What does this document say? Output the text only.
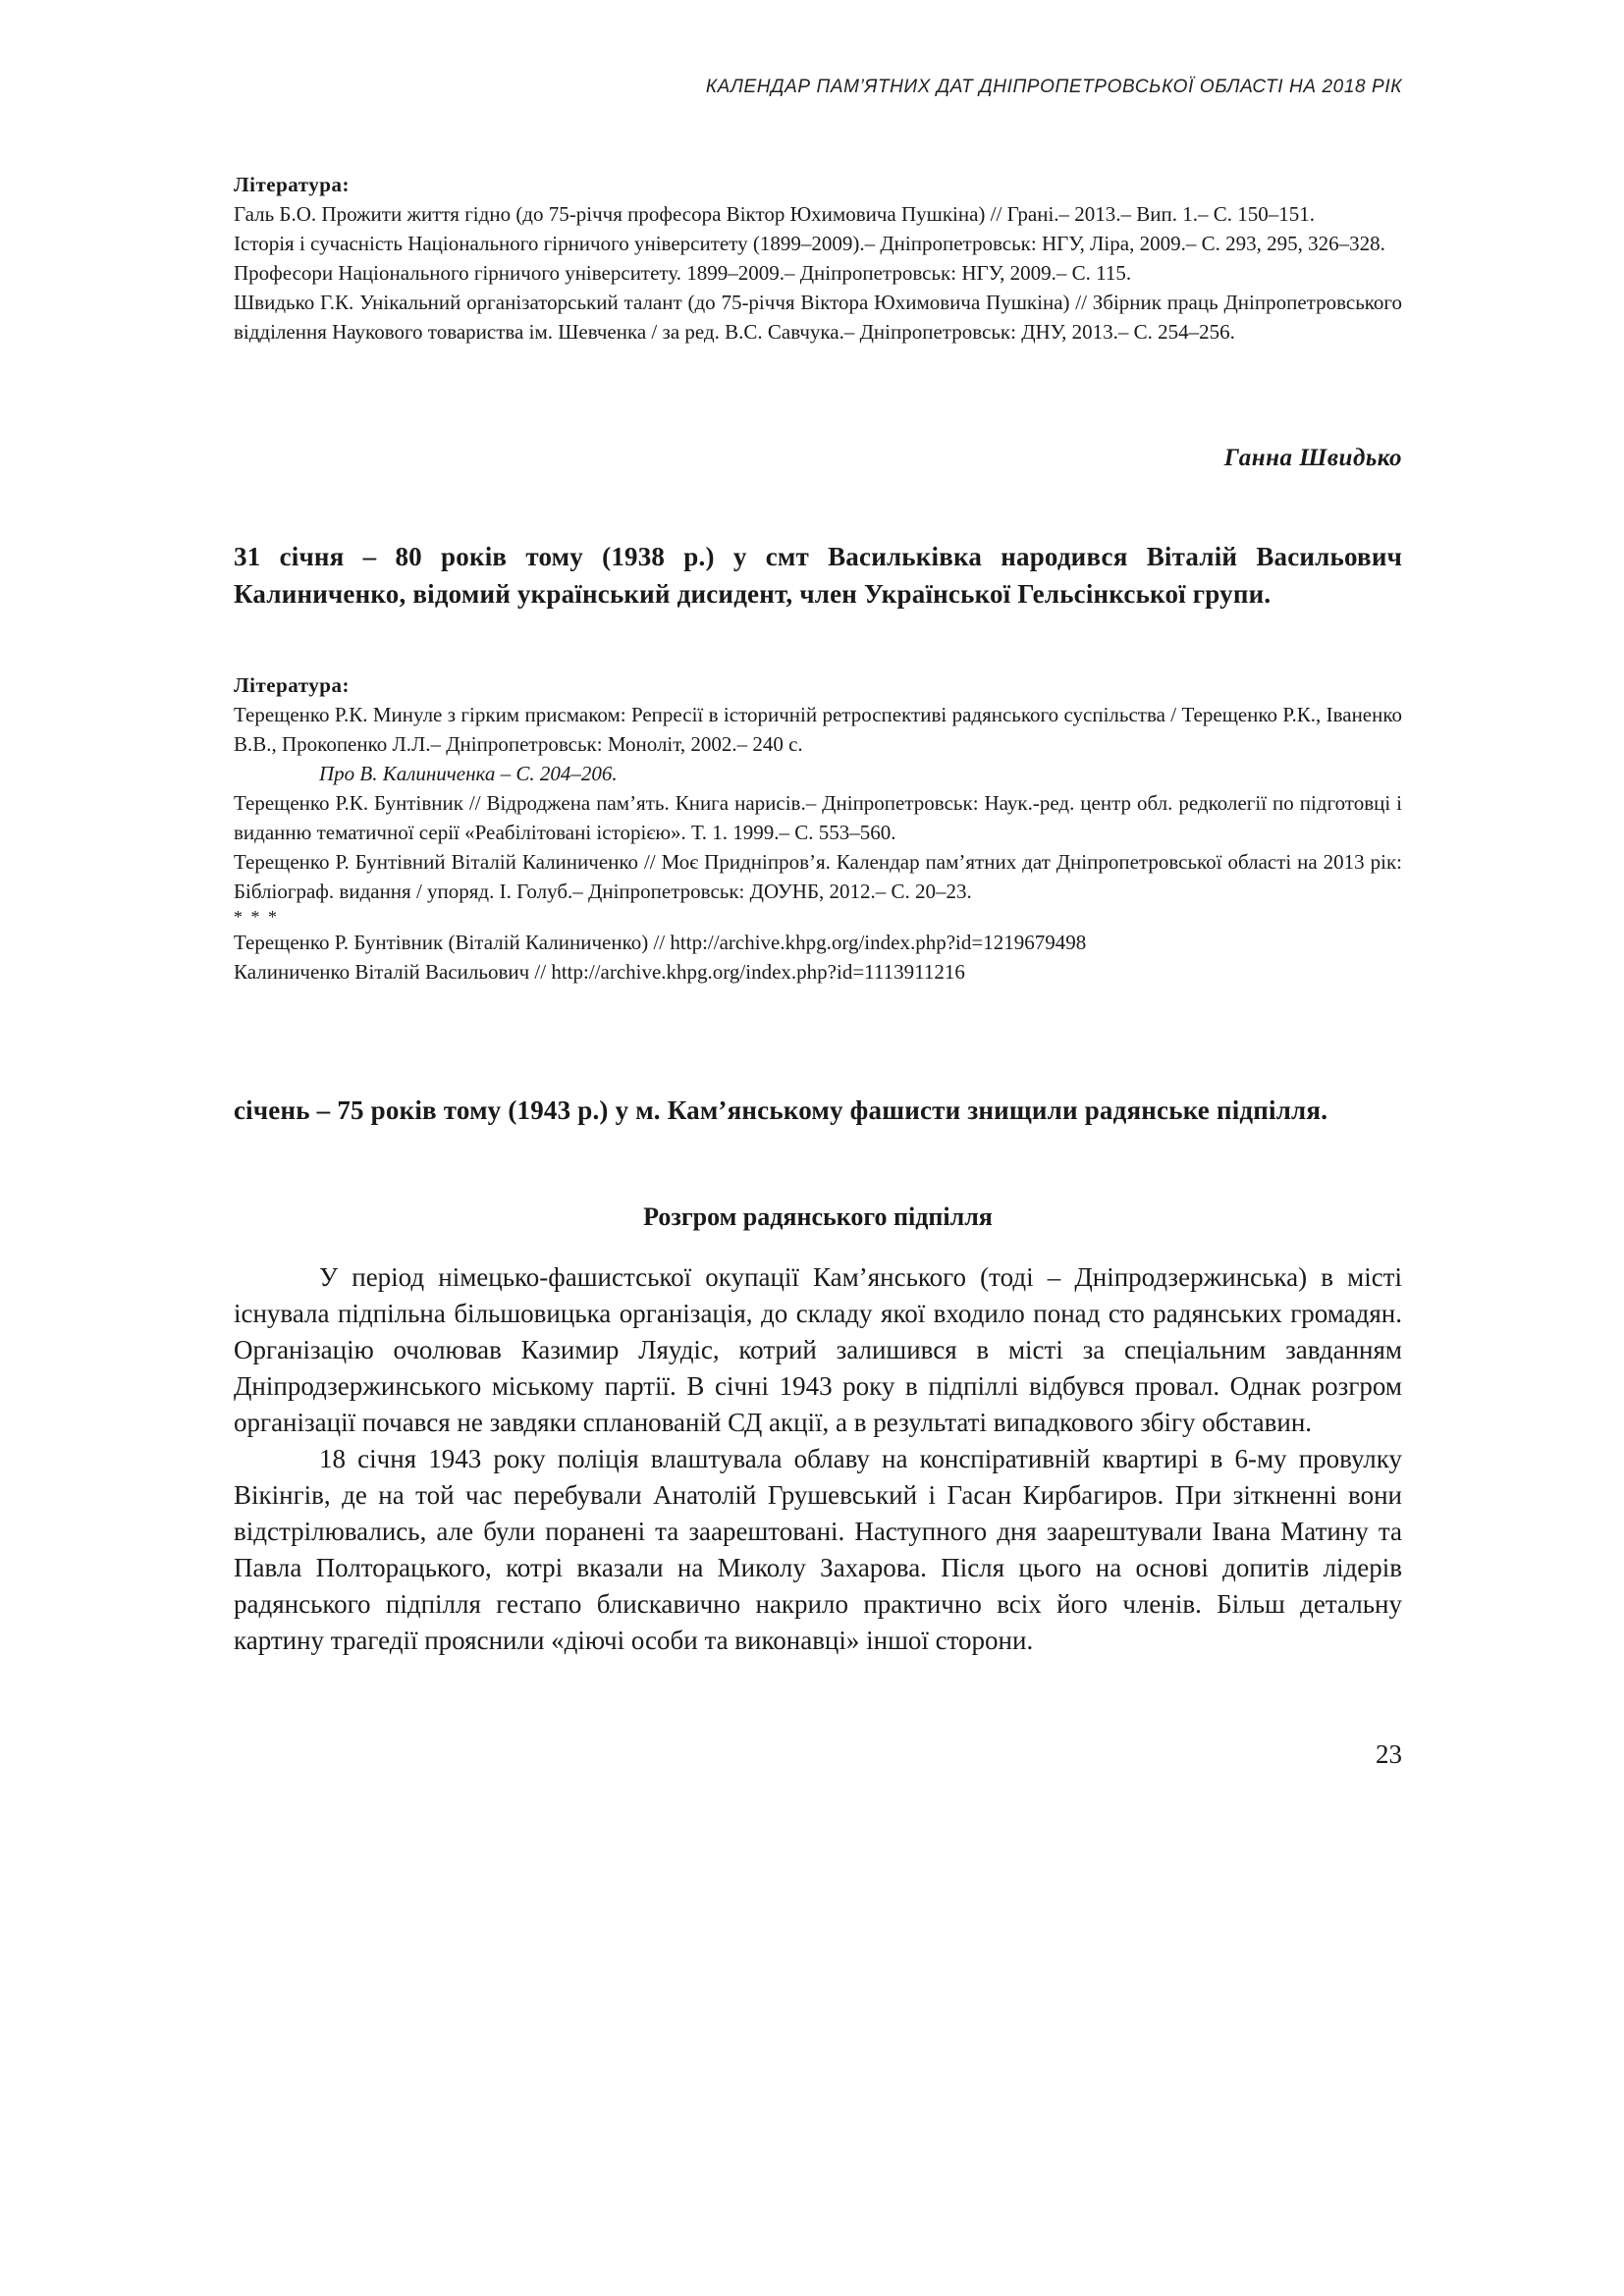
КАЛЕНДАР ПАМ’ЯТНИХ ДАТ ДНІПРОПЕТРОВСЬКОЇ ОБЛАСТІ НА 2018 РІК

Література:

Галь Б.О. Прожити життя гідно (до 75-річчя професора Віктор Юхимовича Пушкіна) // Грані.– 2013.– Вип. 1.– С. 150–151.

Історія і сучасність Національного гірничого університету (1899–2009).– Дніпропетровськ: НГУ, Ліра, 2009.– С. 293, 295, 326–328.

Професори Національного гірничого університету. 1899–2009.– Дніпропетровськ: НГУ, 2009.– С. 115.

Швидько Г.К. Унікальний організаторський талант (до 75-річчя Віктора Юхимовича Пушкіна) // Збірник праць Дніпропетровського відділення Наукового товариства ім. Шевченка / за ред. В.С. Савчука.– Дніпропетровськ: ДНУ, 2013.– С. 254–256.

Ганна Швидько

31 січня – 80 років тому (1938 р.) у смт Васильківка народився Віталій Васильович Калиниченко, відомий український дисидент, член Української Гельсінкської групи.

Література:

Терещенко Р.К. Минуле з гірким присмаком: Репресії в історичній ретроспективі радянського суспільства / Терещенко Р.К., Іваненко В.В., Прокопенко Л.Л.– Дніпропетровськ: Моноліт, 2002.– 240 с.

Про В. Калиниченка – С. 204–206.

Терещенко Р.К. Бунтівник // Відроджена пам’ять. Книга нарисів.– Дніпропетровськ: Наук.-ред. центр обл. редколегії по підготовці і виданню тематичної серії «Реабілітовані історією». Т. 1. 1999.– С. 553–560.

Терещенко Р. Бунтівний Віталій Калиниченко // Моє Придніпров’я. Календар пам’ятних дат Дніпропетровської області на 2013 рік: Бібліограф. видання / упоряд. І. Голуб.– Дніпропетровськ: ДОУНБ, 2012.– С. 20–23.

* * *

Терещенко Р. Бунтівник (Віталій Калиниченко) // http://archive.khpg.org/index.php?id=1219679498

Калиниченко Віталій Васильович // http://archive.khpg.org/index.php?id=1113911216

січень – 75 років тому (1943 р.) у м. Кам’янському фашисти знищили радянське підпілля.

Розгром радянського підпілля

У період німецько-фашистської окупації Кам’янського (тоді – Дніпродзержинська) в місті існувала підпільна більшовицька організація, до складу якої входило понад сто радянських громадян. Організацію очолював Казимир Ляудіс, котрий залишився в місті за спеціальним завданням Дніпродзержинського міському партії. В січні 1943 року в підпіллі відбувся провал. Однак розгром організації почався не завдяки спланованій СД акції, а в результаті випадкового збігу обставин.

18 січня 1943 року поліція влаштувала облаву на конспіративній квартирі в 6-му провулку Вікінгів, де на той час перебували Анатолій Грушевський і Гасан Кирбагиров. При зіткненні вони відстрілювались, але були поранені та заарештовані. Наступного дня заарештували Івана Матину та Павла Полторацького, котрі вказали на Миколу Захарова. Після цього на основі допитів лідерів радянського підпілля гестапо блискавично накрило практично всіх його членів. Більш детальну картину трагедії прояснили «діючі особи та виконавці» іншої сторони.

23
